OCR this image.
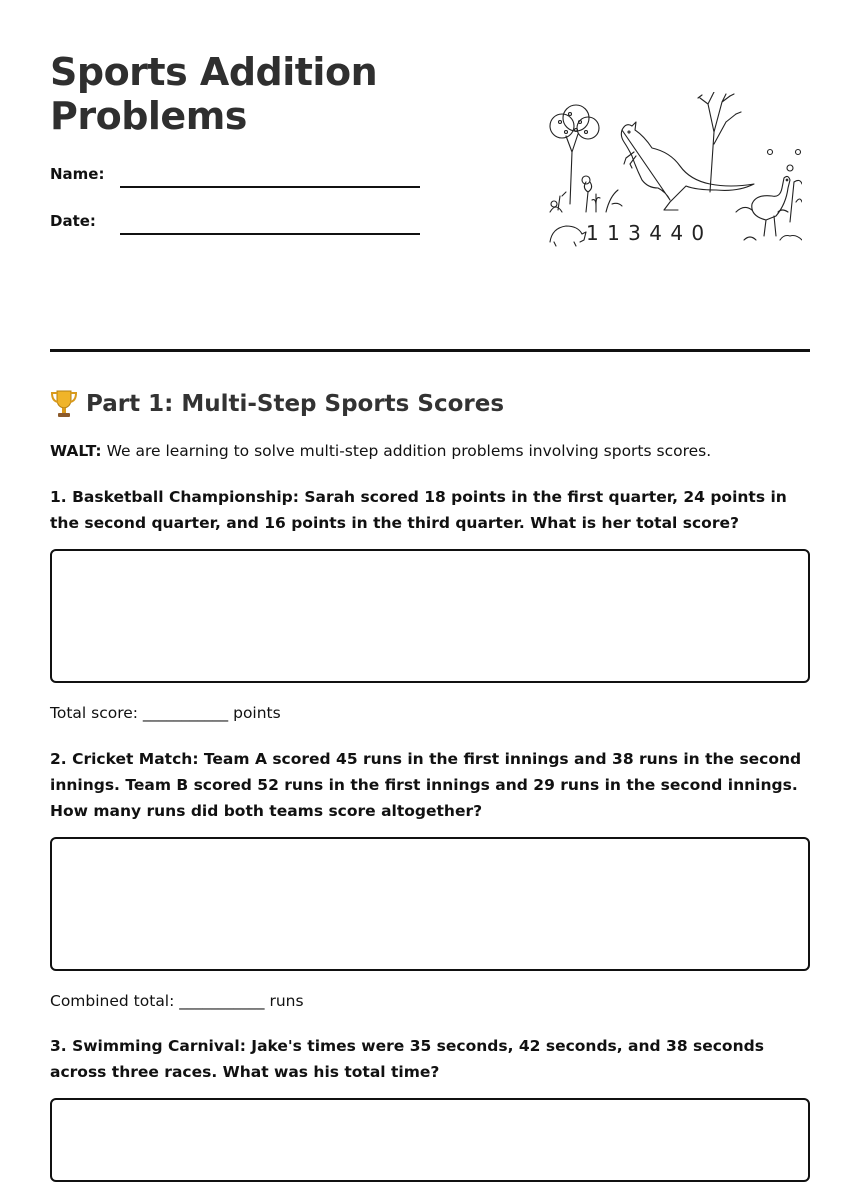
Sports Addition Problems
Name:
Date:	1 1 3 4 4 0
Part 1: Multi-Step Sports Scores
WALT: We are learning to solve multi-step addition problems involving sports scores.
1. Basketball Championship: Sarah scored 18 points in the first quarter, 24 points in the second quarter, and 16 points in the third quarter. What is her total score?
Total score: ___________ points
2. Cricket Match: Team A scored 45 runs in the first innings and 38 runs in the second innings. Team B scored 52 runs in the first innings and 29 runs in the second innings. How many runs did both teams score altogether?
Combined total: ___________ runs
3. Swimming Carnival: Jake's times were 35 seconds, 42 seconds, and 38 seconds across three races. What was his total time?
